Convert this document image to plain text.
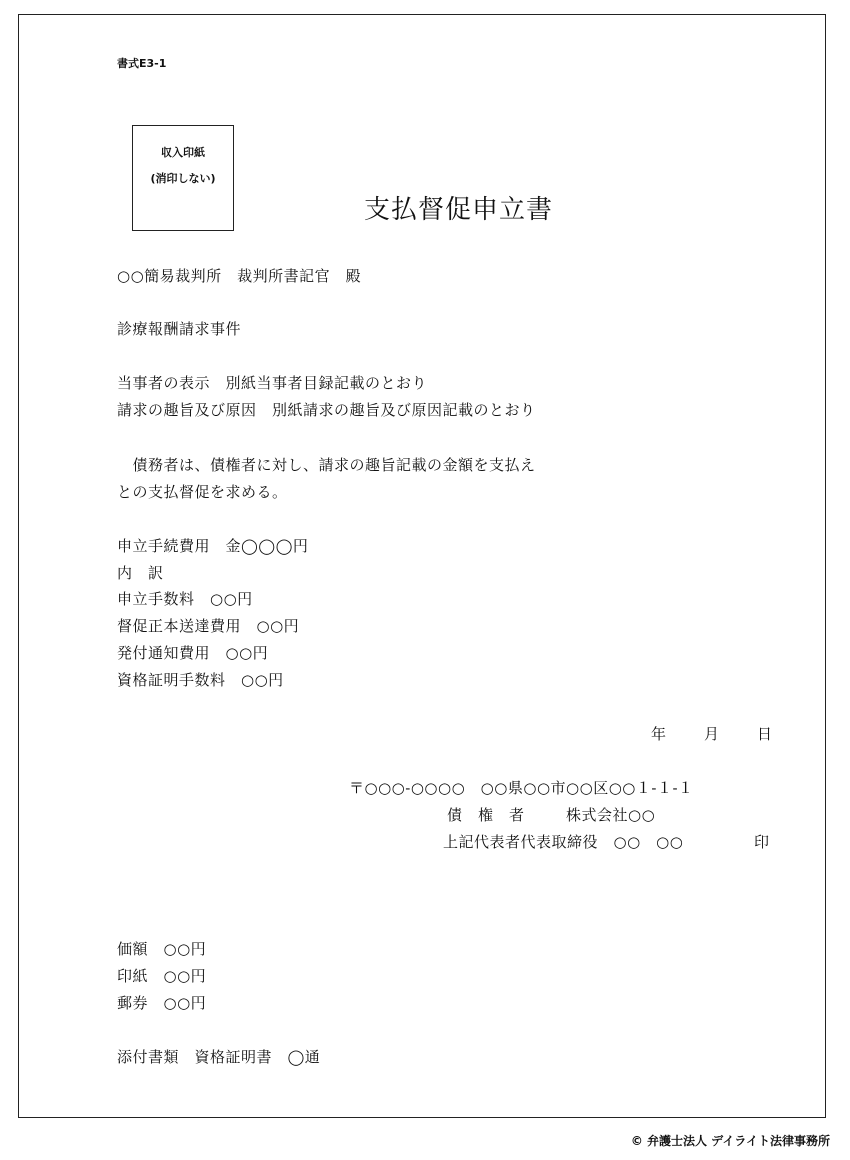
書式E3-1
収入印紙
(消印しない)
支払督促申立書
○○簡易裁判所　裁判所書記官　殿
診療報酬請求事件
当事者の表示　別紙当事者目録記載のとおり
請求の趣旨及び原因　別紙請求の趣旨及び原因記載のとおり
　債務者は、債権者に対し、請求の趣旨記載の金額を支払え
との支払督促を求める。
申立手続費用　金◯◯◯円
内　訳
申立手数料　○○円
督促正本送達費用　○○円
発付通知費用　○○円
資格証明手数料　○○円
年 月 日
〒○○○-○○○○　○○県○○市○○区○○１-１-１
債　権　者	株式会社○○
上記代表者代表取締役　○○　○○	印
価額　○○円
印紙　○○円
郵券　○○円
添付書類　資格証明書　◯通
© 弁護士法人 デイライト法律事務所
